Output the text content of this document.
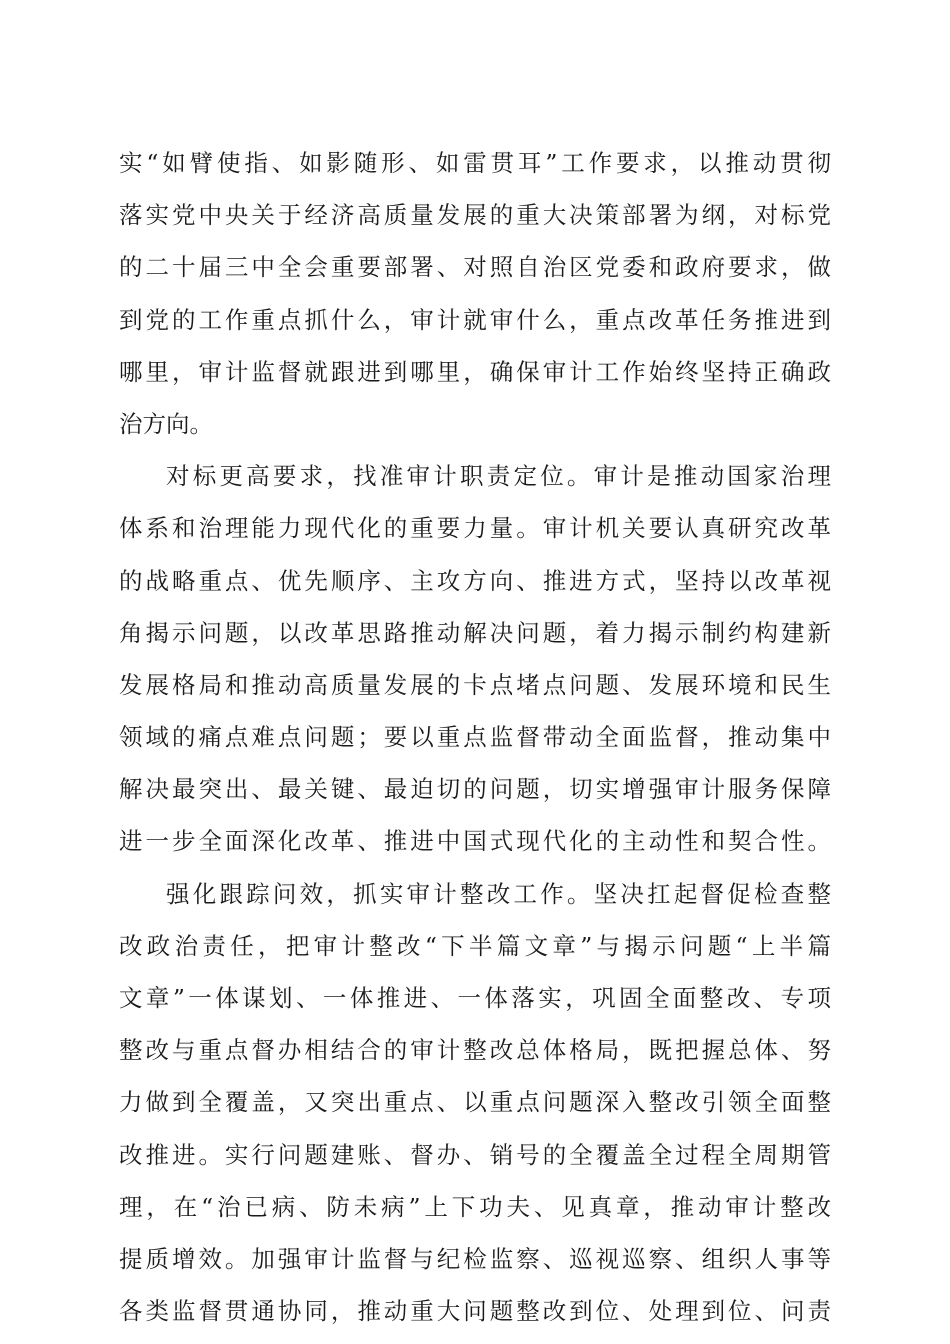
实“如臂使指、如影随形、如雷贯耳”工作要求，以推动贯彻
落实党中央关于经济高质量发展的重大决策部署为纲，对标党
的二十届三中全会重要部署、对照自治区党委和政府要求，做
到党的工作重点抓什么，审计就审什么，重点改革任务推进到
哪里，审计监督就跟进到哪里，确保审计工作始终坚持正确政
治方向。
对标更高要求，找准审计职责定位。审计是推动国家治理
体系和治理能力现代化的重要力量。审计机关要认真研究改革
的战略重点、优先顺序、主攻方向、推进方式，坚持以改革视
角揭示问题，以改革思路推动解决问题，着力揭示制约构建新
发展格局和推动高质量发展的卡点堵点问题、发展环境和民生
领域的痛点难点问题；要以重点监督带动全面监督，推动集中
解决最突出、最关键、最迫切的问题，切实增强审计服务保障
进一步全面深化改革、推进中国式现代化的主动性和契合性。
强化跟踪问效，抓实审计整改工作。坚决扛起督促检查整
改政治责任，把审计整改“下半篇文章”与揭示问题“上半篇
文章”一体谋划、一体推进、一体落实，巩固全面整改、专项
整改与重点督办相结合的审计整改总体格局，既把握总体、努
力做到全覆盖，又突出重点、以重点问题深入整改引领全面整
改推进。实行问题建账、督办、销号的全覆盖全过程全周期管
理，在“治已病、防未病”上下功夫、见真章，推动审计整改
提质增效。加强审计监督与纪检监察、巡视巡察、组织人事等
各类监督贯通协同，推动重大问题整改到位、处理到位、问责
